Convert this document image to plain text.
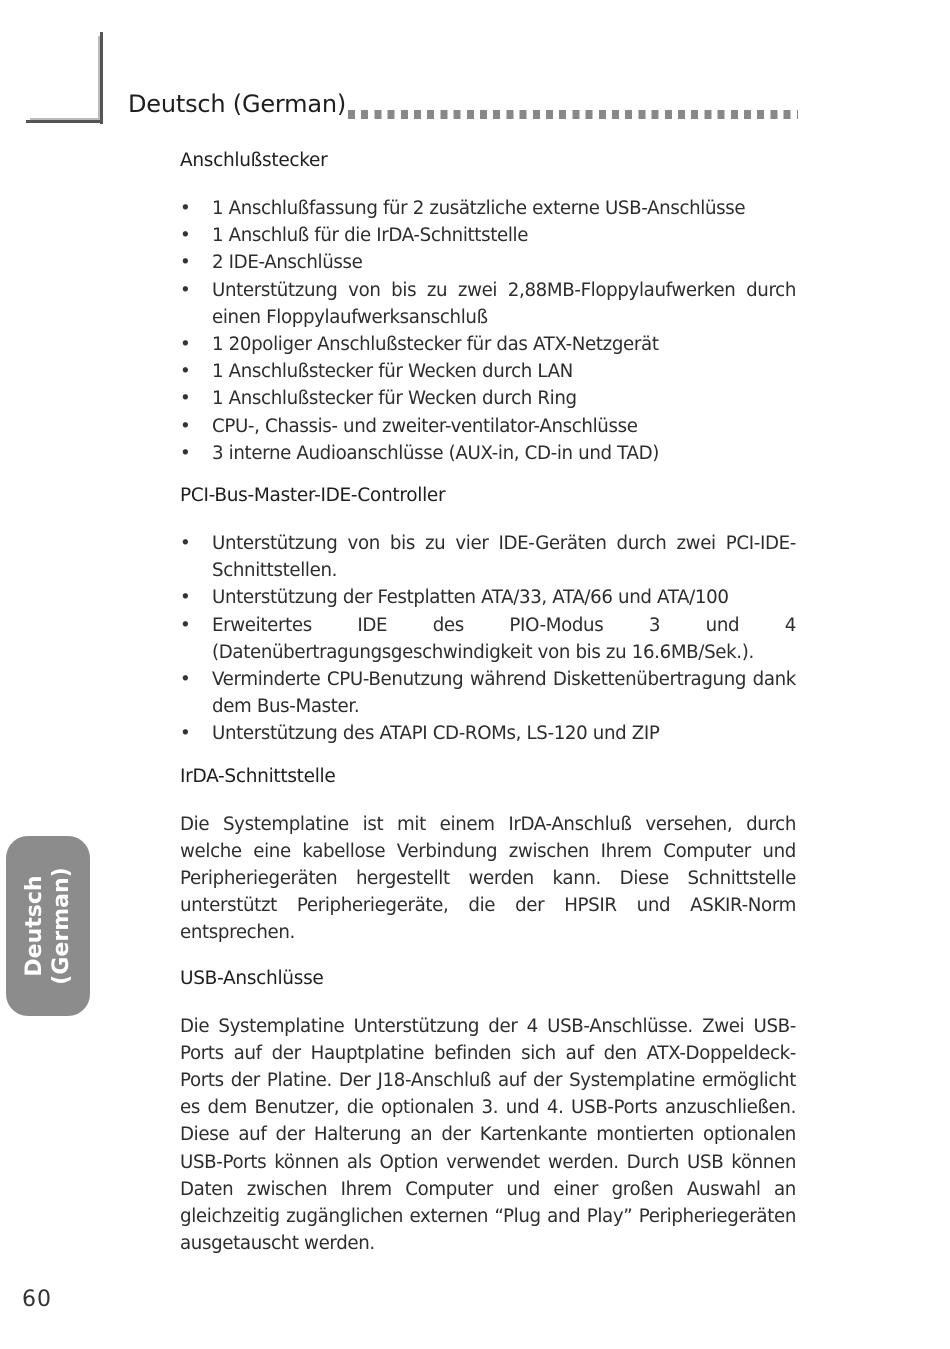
Deutsch (German)
Anschlußstecker
• 1 Anschlußfassung für 2 zusätzliche externe USB-Anschlüsse
• 1 Anschluß für die IrDA-Schnittstelle
• 2 IDE-Anschlüsse
• Unterstützung von bis zu zwei 2,88MB-Floppylaufwerken durch einen Floppylaufwerksanschluß
• 1 20poliger Anschlußstecker für das ATX-Netzgerät
• 1 Anschlußstecker für Wecken durch LAN
• 1 Anschlußstecker für Wecken durch Ring
• CPU-, Chassis- und zweiter-ventilator-Anschlüsse
• 3 interne Audioanschlüsse (AUX-in, CD-in und TAD)
PCI-Bus-Master-IDE-Controller
• Unterstützung von bis zu vier IDE-Geräten durch zwei PCI-IDE-Schnittstellen.
• Unterstützung der Festplatten ATA/33, ATA/66 und ATA/100
• Erweitertes IDE des PIO-Modus 3 und 4 (Datenübertragungsgeschwindigkeit von bis zu 16.6MB/Sek.).
• Verminderte CPU-Benutzung während Diskettenübertragung dank dem Bus-Master.
• Unterstützung des ATAPI CD-ROMs, LS-120 und ZIP
IrDA-Schnittstelle

Die Systemplatine ist mit einem IrDA-Anschluß versehen, durch welche eine kabellose Verbindung zwischen Ihrem Computer und Peripheriegeräten hergestellt werden kann. Diese Schnittstelle unterstützt Peripheriegeräte, die der HPSIR und ASKIR-Norm entsprechen.

USB-Anschlüsse

Die Systemplatine Unterstützung der 4 USB-Anschlüsse. Zwei USB-Ports auf der Hauptplatine befinden sich auf den ATX-Doppeldeck-Ports der Platine. Der J18-Anschluß auf der Systemplatine ermöglicht es dem Benutzer, die optionalen 3. und 4. USB-Ports anzuschließen. Diese auf der Halterung an der Kartenkante montierten optionalen USB-Ports können als Option verwendet werden. Durch USB können Daten zwischen Ihrem Computer und einer großen Auswahl an gleichzeitig zugänglichen externen “Plug and Play” Peripheriegeräten ausgetauscht werden.

Deutsch (German)
60
